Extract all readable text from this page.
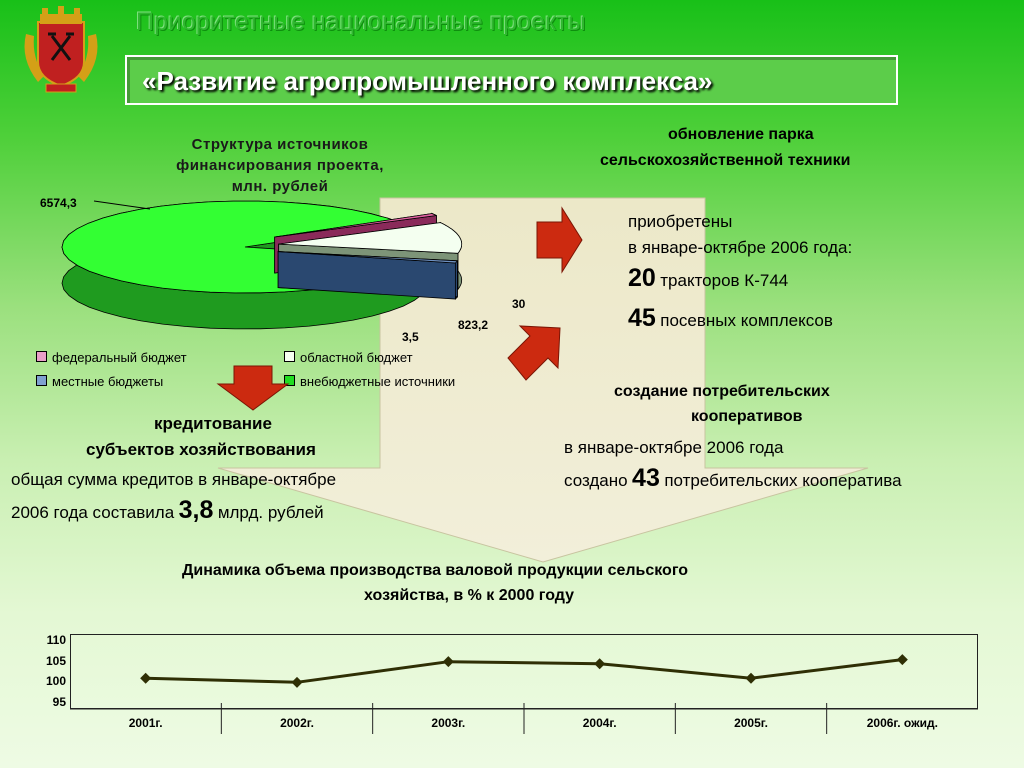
Приоритетные национальные проекты
«Развитие агропромышленного комплекса»
Структура источников
финансирования проекта,
млн. рублей
6574,3
30
823,2
3,5
федеральный бюджет	областной бюджет
местные бюджеты	внебюджетные источники
обновление парка
сельскохозяйственной техники
приобретены
в январе-октябре 2006 года:
20 тракторов К-744
45 посевных комплексов
создание потребительских
кооперативов
в январе-октябре 2006 года
создано 43 потребительских кооператива
кредитование
субъектов хозяйствования
общая сумма кредитов в январе-октябре
2006 года составила 3,8 млрд. рублей
Динамика объема производства валовой продукции сельского
хозяйства, в % к 2000 году
95
100
105
110
2001г.	2002г.	2003г.	2004г.	2005г.	2006г. ожид.
